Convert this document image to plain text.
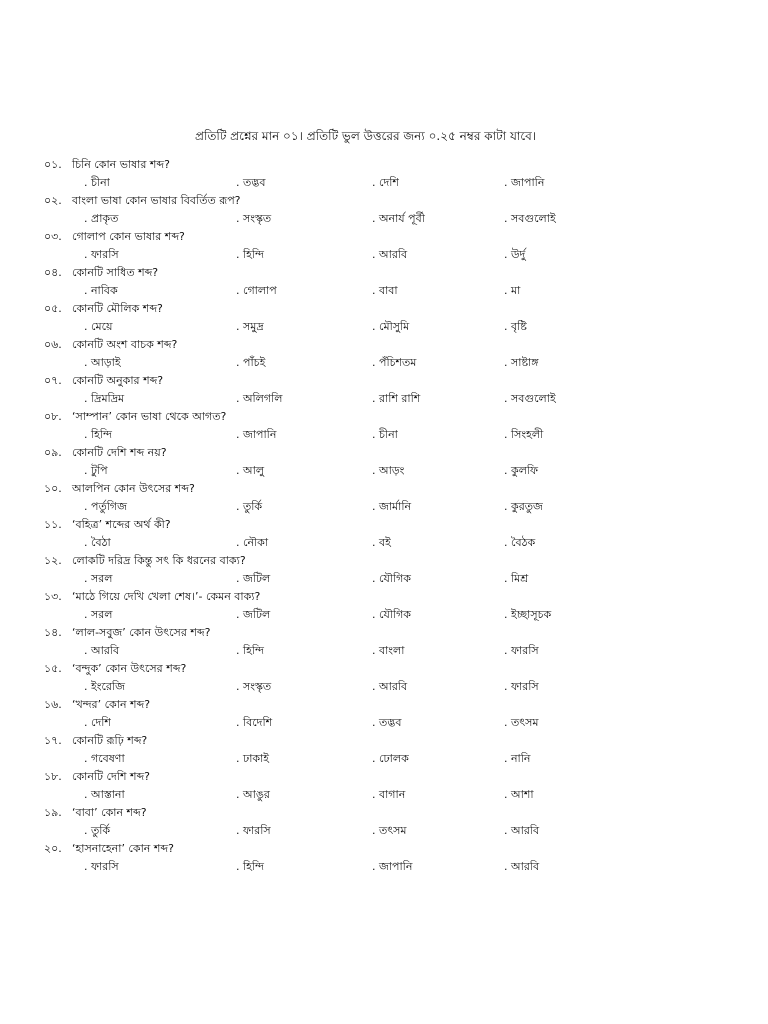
প্রতিটি প্রশ্নের মান ০১। প্রতিটি ভুল উত্তরের জন্য ০.২৫ নম্বর কাটা যাবে।
০১. চিনি কোন ভাষার শব্দ?
. চীনা	. তদ্ভব	. দেশি	. জাপানি
০২. বাংলা ভাষা কোন ভাষার বিবর্তিত রূপ?
. প্রাকৃত	. সংস্কৃত	. অনার্য পূর্বী	. সবগুলোই
০৩. গোলাপ কোন ভাষার শব্দ?
. ফারসি	. হিন্দি	. আরবি	. উর্দু
০৪. কোনটি সাধিত শব্দ?
. নাবিক	. গোলাপ	. বাবা	. মা
০৫. কোনটি মৌলিক শব্দ?
. মেয়ে	. সমুদ্র	. মৌসুমি	. বৃষ্টি
০৬. কোনটি অংশ বাচক শব্দ?
. আড়াই	. পাঁচই	. পঁচিশতম	. সাষ্টাঙ্গ
০৭. কোনটি অনুকার শব্দ?
. দ্রিমদ্রিম	. অলিগলি	. রাশি রাশি	. সবগুলোই
০৮. ‘সাম্পান’ কোন ভাষা থেকে আগত?
. হিন্দি	. জাপানি	. চীনা	. সিংহলী
০৯. কোনটি দেশি শব্দ নয়?
. টুপি	. আলু	. আড়ং	. কুলফি
১০. আলপিন কোন উৎসের শব্দ?
. পর্তুগিজ	. তুর্কি	. জার্মানি	. কুরতুজ
১১. ‘বহিত্র’ শব্দের অর্থ কী?
. বৈঠা	. নৌকা	. বই	. বৈঠক
১২. লোকটি দরিদ্র কিন্তু সৎ কি ধরনের বাক্য?
. সরল	. জটিল	. যৌগিক	. মিশ্র
১৩. ‘মাঠে গিয়ে দেখি খেলা শেষ।’- কেমন বাক্য?
. সরল	. জটিল	. যৌগিক	. ইচ্ছাসূচক
১৪. ‘লাল-সবুজ’ কোন উৎসের শব্দ?
. আরবি	. হিন্দি	. বাংলা	. ফারসি
১৫. ‘বন্দুক’ কোন উৎসের শব্দ?
. ইংরেজি	. সংস্কৃত	. আরবি	. ফারসি
১৬. ‘খন্দর’ কোন শব্দ?
. দেশি	. বিদেশি	. তদ্ভব	. তৎসম
১৭. কোনটি রূঢ়ি শব্দ?
. গবেষণা	. ঢাকাই	. ঢোলক	. নানি
১৮. কোনটি দেশি শব্দ?
. আস্তানা	. আঙুর	. বাগান	. আশা
১৯. ‘বাবা’ কোন শব্দ?
. তুর্কি	. ফারসি	. তৎসম	. আরবি
২০. ‘হাসনাহেনা’ কোন শব্দ?
. ফারসি	. হিন্দি	. জাপানি	. আরবি
